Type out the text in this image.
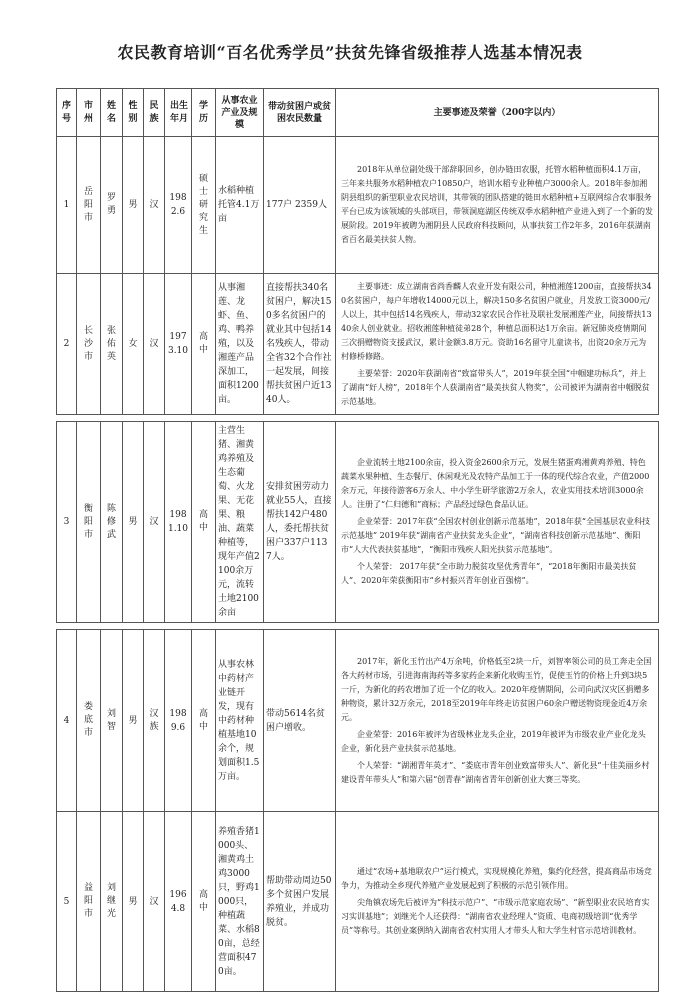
农民教育培训“百名优秀学员”扶贫先锋省级推荐人选基本情况表
序号	市州	姓名	性别	民族	出生年月	学历	从事农业产业及规模	带动贫困户或贫困农民数量	主要事迹及荣誉（200字以内）
1	岳阳市	罗勇	男	汉	1982.6	硕士研究生	水稻种植托管4.1万亩	177户 2359人	2018年从单位副处级干部辞职回乡，创办链田农服，托管水稻种植面积4.1万亩，三年来共服务水稻种植农户10850户，培训水稻专业种植户3000余人。2018年参加湘阴县组织的新型职业农民培训，其带领的团队搭建的链田水稻种植+互联网综合农事服务平台已成为该领域的头部项目，带领洞庭湖区传统双季水稻种植产业进入到了一个新的发展阶段。2019年被聘为湘阴县人民政府科技顾问，从事扶贫工作2年多，2016年获湖南省百名最美扶贫人物。

2	长沙市	张佑英	女	汉	1973.10	高中	从事湘莲、龙虾、鱼、鸡、鸭养殖，以及湘莲产品深加工，面积1200亩。	直接帮扶340名贫困户，解决150多名贫困户的就业其中包括14名残疾人，带动全省32个合作社一起发展，间接帮扶贫困户近1340人。	主要事迹：成立湖南省尚香麟人农业开发有限公司，种植湘莲1200亩，直接帮扶340名贫困户，每户年增收14000元以上，解决150多名贫困户就业，月发放工资3000元/人以上，其中包括14名残疾人，带动32家农民合作社及联社发展湘莲产业，间接帮扶1340余人创业就业。招收湘莲种植徒弟28个，种植总面积达1万余亩。新冠肺炎疫情期间三次捐赠物资支援武汉，累计金额3.8万元。资助16名留守儿童读书，出资20余万元为村修桥修路。

主要荣誉：2020年获湖南省“致富带头人”，2019年获全国“中帼建功标兵”，并上了湖南“好人榜”，2018年个人获湖南省“最美扶贫人物奖”，公司被评为湖南省中帼脱贫示范基地。

3	衡阳市	陈修武	男	汉	1981.10	高中	主营生猪、湘黄鸡养殖及生态葡萄、火龙果、无花果、粮油、蔬菜种植等，现年产值2100余万元，流转土地2100余亩	安排贫困劳动力就业55人，直接帮扶142户480人，委托帮扶贫困户337户1137人。	企业流转土地2100余亩，投入资金2600余万元，发展生猪蛋鸡湘黄鸡养殖、特色蔬菜水果种植、生态餐厅、休闲观光及农特产品加工于一体的现代综合农业，产值2000余万元，年接待游客6万余人、中小学生研学旅游2万余人，农业实用技术培训3000余人。注册了“仁归德和”商标；产品经过绿色食品认证。

企业荣誉：2017年获“全国农村创业创新示范基地”，2018年获“全国基层农业科技示范基地” 2019年获“湖南省产业扶贫龙头企业”，“湖南省科技创新示范基地”、衡阳市“人大代表扶贫基地”，“衡阳市残疾人阳光扶贫示范基地”。

个人荣誉： 2017年获“全市助力脱贫攻坚优秀青年”，“2018年衡阳市最美扶贫人”、2020年荣获衡阳市“乡村振兴青年创业百强榜”。

4	娄底市	刘智	男	汉族	1989.6	高中	从事农林中药材产业链开发，现有中药材种植基地10余个，规划面积1.5万亩。	带动5614名贫困户增收。	2017年，新化玉竹出产4万余吨，价格低至2块一斤，刘智率领公司的员工奔走全国各大药材市场，引进海南海药等多家药企来新化收购玉竹，促使玉竹的价格上升到3块5一斤，为新化的药农增加了近一个亿的收入。2020年疫情期间，公司向武汉灾区捐赠多种物资，累计32万余元，2018至2019年年终走访贫困户60余户赠送物资现金近4万余元。

企业荣誉：2016年被评为省级林业龙头企业，2019年被评为市级农业产业化龙头企业，新化县产业扶贫示范基地。

个人荣誉：“湖湘青年英才”、“娄底市青年创业致富带头人”、新化县“十佳美丽乡村建设青年带头人”和第六届“创青春”湖南省青年创新创业大赛三等奖。

5	益阳市	刘继光	男	汉	1964.8	高中	养殖香猪1000头、湘黄鸡土鸡3000只，野鸡1000只，种植蔬菜、水稻80亩，总经营面积470亩。	帮助带动周边50多个贫困户发展养殖业，并成功脱贫。	通过“农场+基地联农户”运行模式，实现规模化养殖，集约化经营，提高商品市场竞争力，为推动全乡现代养殖产业发展起到了积极的示范引领作用。

尖角镇农场先后被评为“科技示范户”、“市级示范家庭农场”、“新型职业农民培育实习实训基地”；刘继光个人还获得：“湖南省农业经理人”资质、电商初级培训“优秀学员”等称号。其创业案例纳入湖南省农村实用人才带头人和大学生村官示范培训教材。
